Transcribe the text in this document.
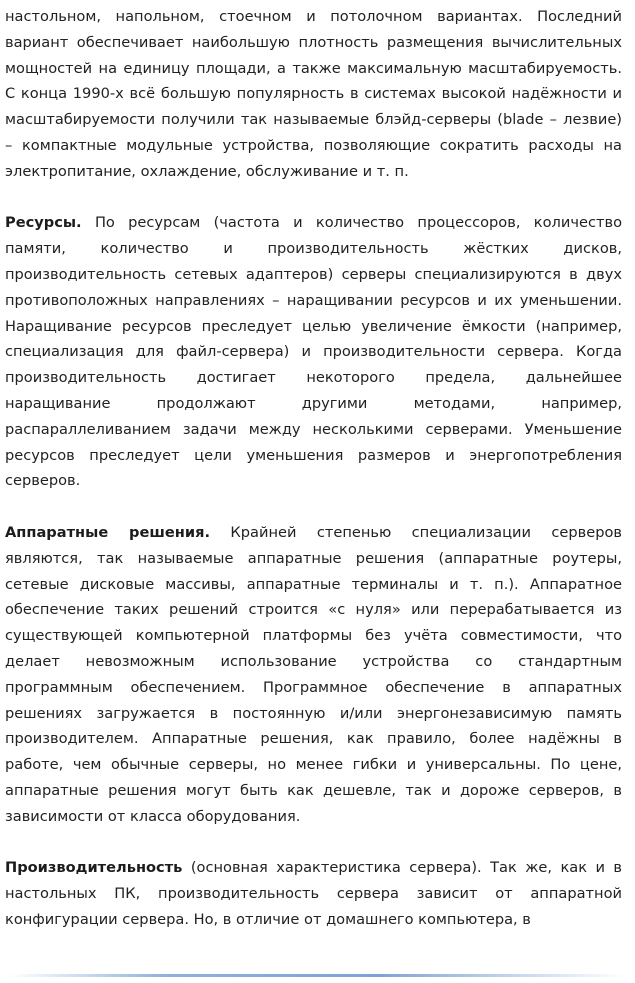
настольном, напольном, стоечном и потолочном вариантах. Последний вариант обеспечивает наибольшую плотность размещения вычислительных мощностей на единицу площади, а также максимальную масштабируемость. С конца 1990-х всё большую популярность в системах высокой надёжности и масштабируемости получили так называемые блэйд-серверы (blade – лезвие) – компактные модульные устройства, позволяющие сократить расходы на электропитание, охлаждение, обслуживание и т. п.

Ресурсы. По ресурсам (частота и количество процессоров, количество памяти, количество и производительность жёстких дисков, производительность сетевых адаптеров) серверы специализируются в двух противоположных направлениях – наращивании ресурсов и их уменьшении. Наращивание ресурсов преследует целью увеличение ёмкости (например, специализация для файл-сервера) и производительности сервера. Когда производительность достигает некоторого предела, дальнейшее наращивание продолжают другими методами, например, распараллеливанием задачи между несколькими серверами. Уменьшение ресурсов преследует цели уменьшения размеров и энергопотребления серверов.

Аппаратные решения. Крайней степенью специализации серверов являются, так называемые аппаратные решения (аппаратные роутеры, сетевые дисковые массивы, аппаратные терминалы и т. п.). Аппаратное обеспечение таких решений строится «с нуля» или перерабатывается из существующей компьютерной платформы без учёта совместимости, что делает невозможным использование устройства со стандартным программным обеспечением. Программное обеспечение в аппаратных решениях загружается в постоянную и/или энергонезависимую память производителем. Аппаратные решения, как правило, более надёжны в работе, чем обычные серверы, но менее гибки и универсальны. По цене, аппаратные решения могут быть как дешевле, так и дороже серверов, в зависимости от класса оборудования.

Производительность (основная характеристика сервера). Так же, как и в настольных ПК, производительность сервера зависит от аппаратной конфигурации сервера. Но, в отличие от домашнего компьютера, в
